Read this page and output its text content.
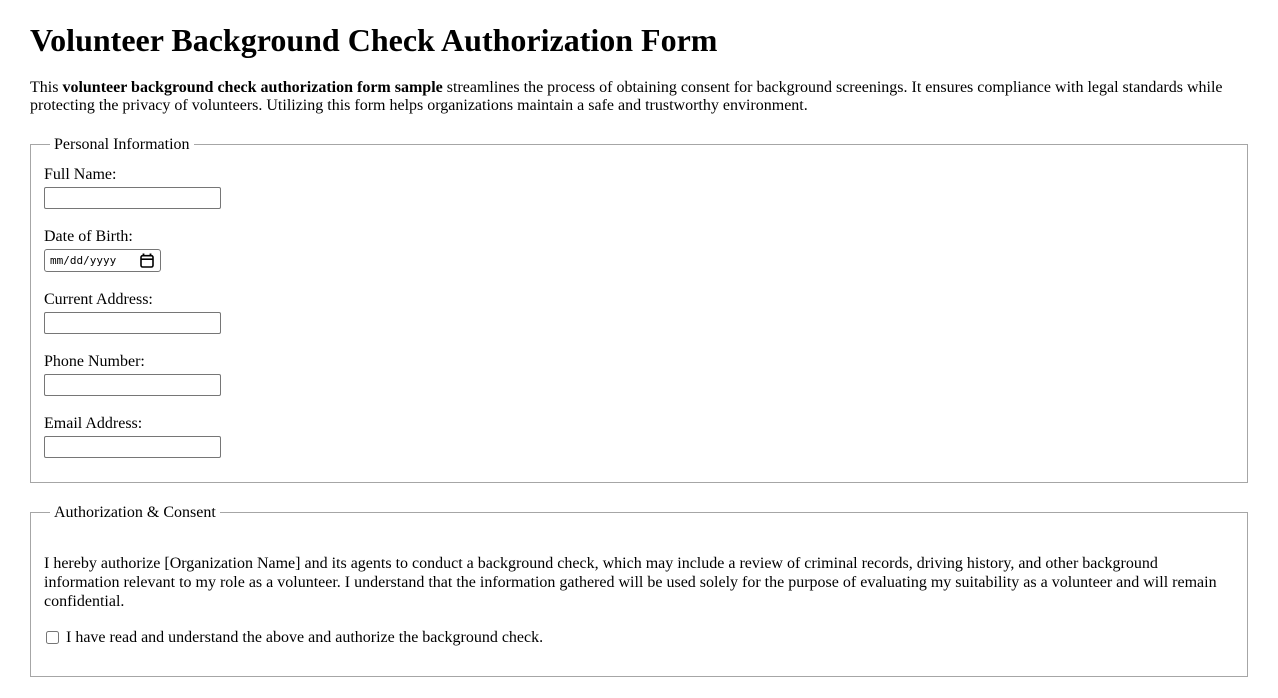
Volunteer Background Check Authorization Form

This volunteer background check authorization form sample streamlines the process of obtaining consent for background screenings. It ensures compliance with legal standards while protecting the privacy of volunteers. Utilizing this form helps organizations maintain a safe and trustworthy environment.

Personal Information
Full Name:
Date of Birth:
mm/dd/yyyy
Current Address:
Phone Number:
Email Address:
Authorization & Consent

I hereby authorize [Organization Name] and its agents to conduct a background check, which may include a review of criminal records, driving history, and other background information relevant to my role as a volunteer. I understand that the information gathered will be used solely for the purpose of evaluating my suitability as a volunteer and will remain confidential.

I have read and understand the above and authorize the background check.
